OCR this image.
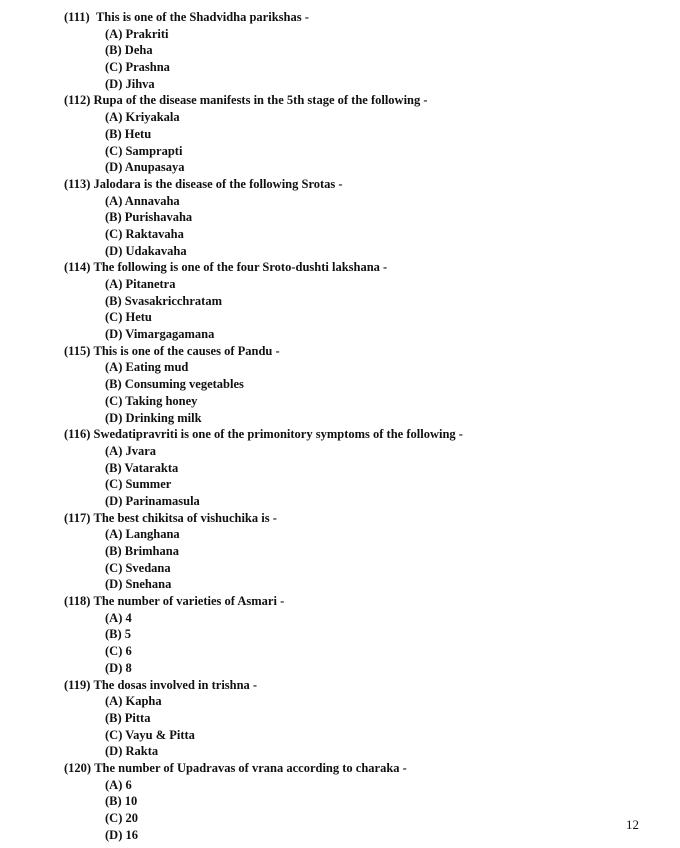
(111) This is one of the Shadvidha parikshas -
(A) Prakriti
(B) Deha
(C) Prashna
(D) Jihva
(112) Rupa of the disease manifests in the 5th stage of the following -
(A) Kriyakala
(B) Hetu
(C) Samprapti
(D) Anupasaya
(113) Jalodara is the disease of the following Srotas -
(A) Annavaha
(B) Purishavaha
(C) Raktavaha
(D) Udakavaha
(114) The following is one of the four Sroto-dushti lakshana -
(A) Pitanetra
(B) Svasakricchratam
(C) Hetu
(D) Vimargagamana
(115) This is one of the causes of Pandu -
(A) Eating mud
(B) Consuming vegetables
(C) Taking honey
(D) Drinking milk
(116) Swedatipravriti is one of the primonitory symptoms of the following -
(A) Jvara
(B) Vatarakta
(C) Summer
(D) Parinamasula
(117) The best chikitsa of vishuchika is -
(A) Langhana
(B) Brimhana
(C) Svedana
(D) Snehana
(118) The number of varieties of Asmari -
(A) 4
(B) 5
(C) 6
(D) 8
(119) The dosas involved in trishna -
(A) Kapha
(B) Pitta
(C) Vayu & Pitta
(D) Rakta
(120) The number of Upadravas of vrana according to charaka -
(A) 6
(B) 10
(C) 20
(D) 16
12
